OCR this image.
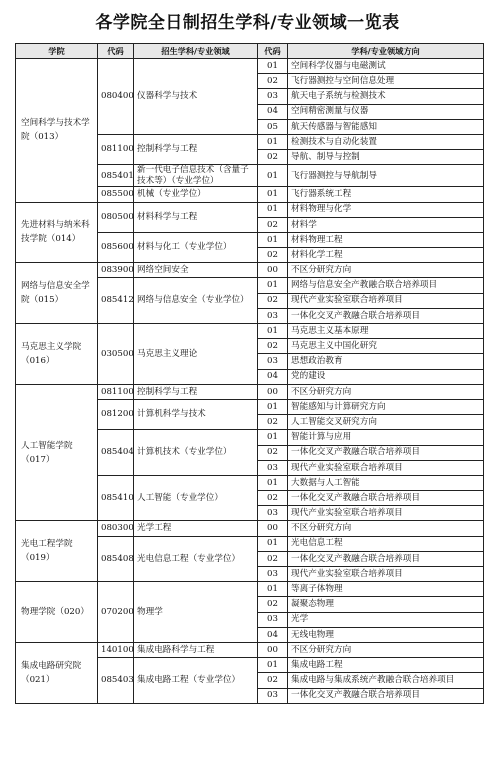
各学院全日制招生学科/专业领域一览表
学院	代码	招生学科/专业领域	代码	学科/专业领域方向
空间科学与技术学院（013）	080400	仪器科学与技术	01	空间科学仪器与电磁测试
			02	飞行器测控与空间信息处理
			03	航天电子系统与检测技术
			04	空间精密测量与仪器
			05	航天传感器与智能感知
	081100	控制科学与工程	01	检测技术与自动化装置
			02	导航、制导与控制
	085401	新一代电子信息技术（含量子技术等）（专业学位）	01	飞行器测控与导航制导
	085500	机械（专业学位）	01	飞行器系统工程
先进材料与纳米科技学院（014）	080500	材料科学与工程	01	材料物理与化学
			02	材料学
	085600	材料与化工（专业学位）	01	材料物理工程
			02	材料化学工程
网络与信息安全学院（015）	083900	网络空间安全	00	不区分研究方向
	085412	网络与信息安全（专业学位）	01	网络与信息安全产教融合联合培养项目
			02	现代产业实验室联合培养项目
			03	一体化交叉产教融合联合培养项目
马克思主义学院（016）	030500	马克思主义理论	01	马克思主义基本原理
			02	马克思主义中国化研究
			03	思想政治教育
			04	党的建设
人工智能学院（017）	081100	控制科学与工程	00	不区分研究方向
	081200	计算机科学与技术	01	智能感知与计算研究方向
			02	人工智能交叉研究方向
	085404	计算机技术（专业学位）	01	智能计算与应用
			02	一体化交叉产教融合联合培养项目
			03	现代产业实验室联合培养项目
	085410	人工智能（专业学位）	01	大数据与人工智能
			02	一体化交叉产教融合联合培养项目
			03	现代产业实验室联合培养项目
光电工程学院（019）	080300	光学工程	00	不区分研究方向
	085408	光电信息工程（专业学位）	01	光电信息工程
			02	一体化交叉产教融合联合培养项目
			03	现代产业实验室联合培养项目
物理学院（020）	070200	物理学	01	等离子体物理
			02	凝聚态物理
			03	光学
			04	无线电物理
集成电路研究院（021）	140100	集成电路科学与工程	00	不区分研究方向
	085403	集成电路工程（专业学位）	01	集成电路工程
			02	集成电路与集成系统产教融合联合培养项目
			03	一体化交叉产教融合联合培养项目
